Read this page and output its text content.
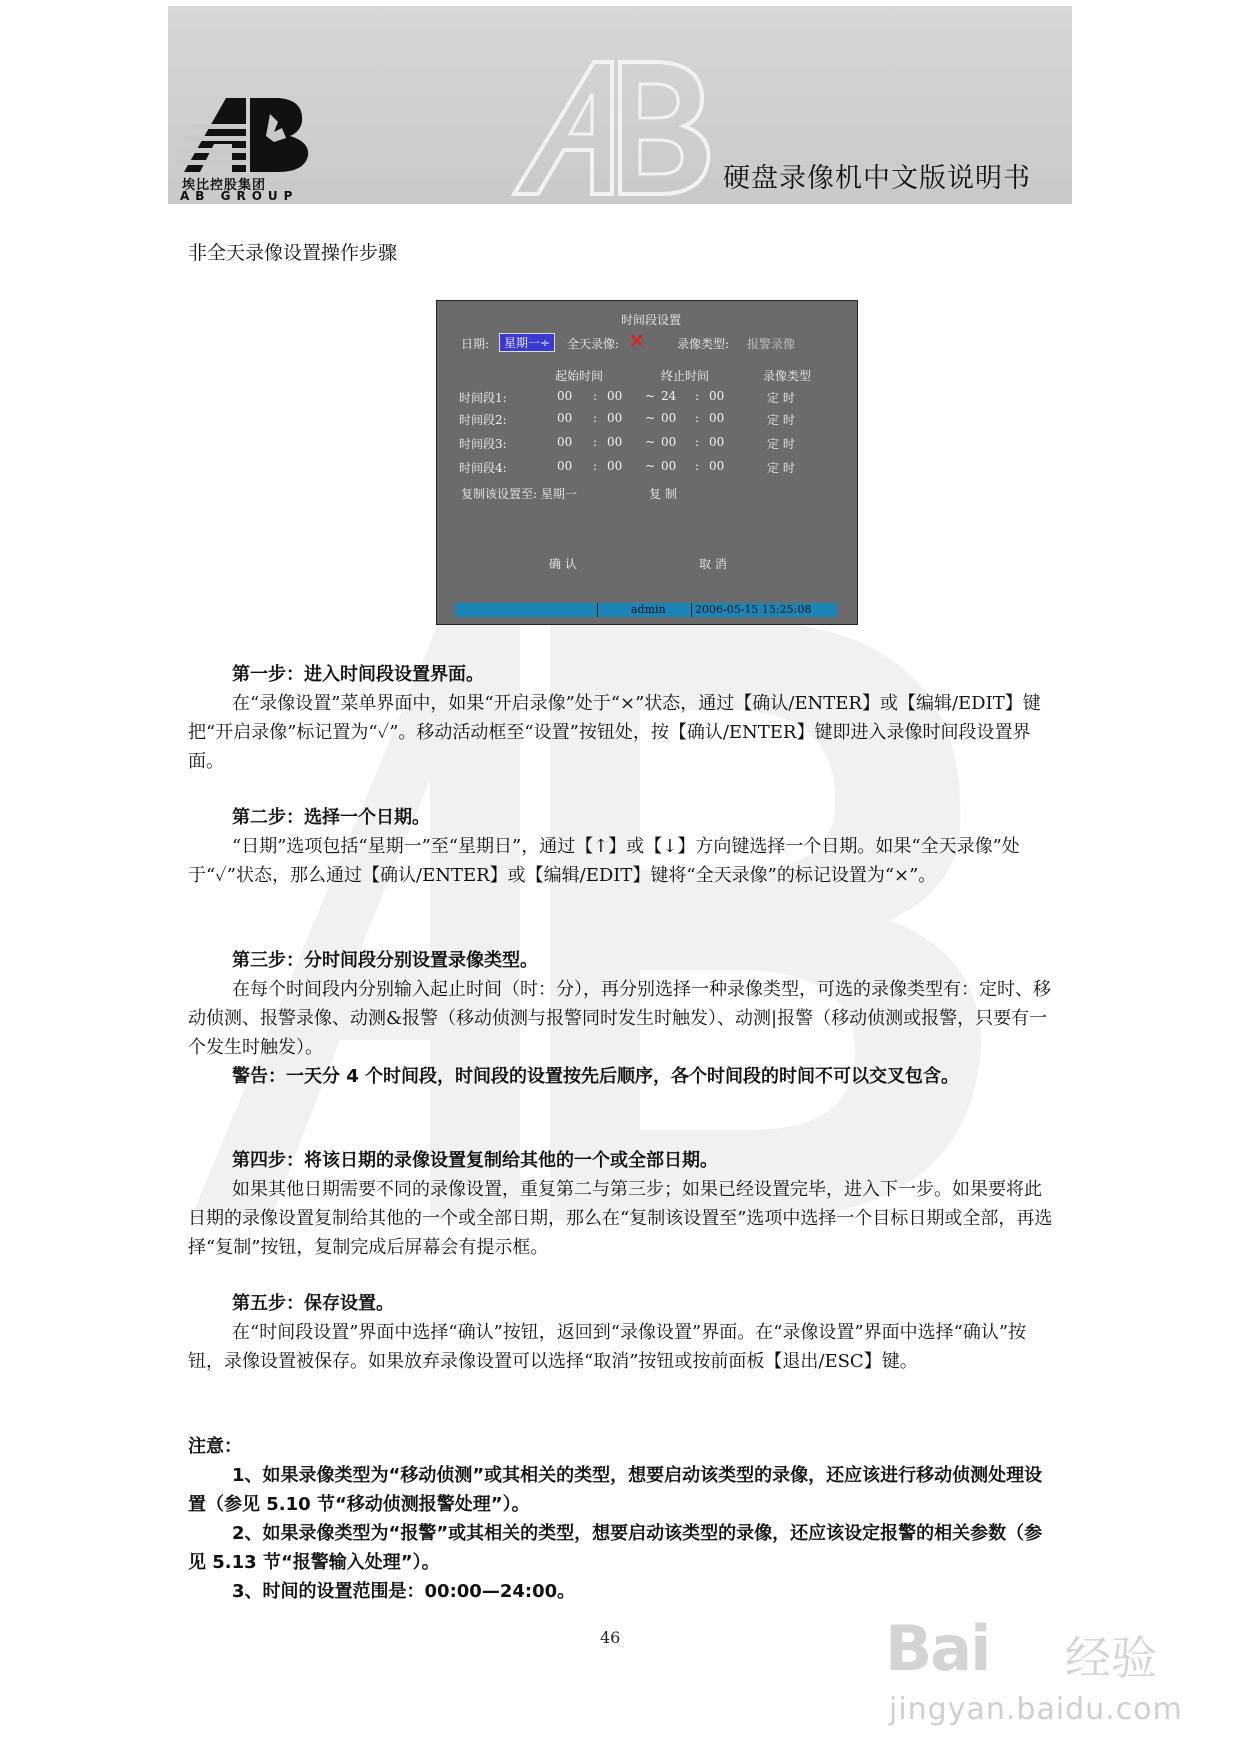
埃比控股集团
AB GROUP
硬盘录像机中文版说明书
非全天录像设置操作步骤
时间段设置
日期:	星期一÷	全天录像: ✕	录像类型: 报警录像
起始时间	终止时间	录像类型
时间段1:	00 : 00 ~ 24 : 00	定 时
时间段2:	00 : 00 ~ 00 : 00	定 时
时间段3:	00 : 00 ~ 00 : 00	定 时
时间段4:	00 : 00 ~ 00 : 00	定 时
复制该设置至: 星期一	复 制
确 认	取 消
admin	2006-05-15 15:25:08
第一步：进入时间段设置界面。
在“录像设置”菜单界面中，如果“开启录像”处于“×”状态，通过【确认/ENTER】或【编辑/EDIT】键把“开启录像”标记置为“✓”。移动活动框至“设置”按钮处，按【确认/ENTER】键即进入录像时间段设置界面。
第二步：选择一个日期。
“日期”选项包括“星期一”至“星期日”，通过【↑】或【↓】方向键选择一个日期。如果“全天录像”处于“✓”状态，那么通过【确认/ENTER】或【编辑/EDIT】键将“全天录像”的标记设置为“×”。
第三步：分时间段分别设置录像类型。
在每个时间段内分别输入起止时间（时：分），再分别选择一种录像类型，可选的录像类型有：定时、移动侦测、报警录像、动测&报警（移动侦测与报警同时发生时触发）、动测|报警（移动侦测或报警，只要有一个发生时触发）。
警告：一天分 4 个时间段，时间段的设置按先后顺序，各个时间段的时间不可以交叉包含。
第四步：将该日期的录像设置复制给其他的一个或全部日期。
如果其他日期需要不同的录像设置，重复第二与第三步；如果已经设置完毕，进入下一步。如果要将此日期的录像设置复制给其他的一个或全部日期，那么在“复制该设置至”选项中选择一个目标日期或全部，再选择“复制”按钮，复制完成后屏幕会有提示框。
第五步：保存设置。
在“时间段设置”界面中选择“确认”按钮，返回到“录像设置”界面。在“录像设置”界面中选择“确认”按钮，录像设置被保存。如果放弃录像设置可以选择“取消”按钮或按前面板【退出/ESC】键。
注意：
1、如果录像类型为“移动侦测”或其相关的类型，想要启动该类型的录像，还应该进行移动侦测处理设置（参见 5.10 节“移动侦测报警处理”）。
2、如果录像类型为“报警”或其相关的类型，想要启动该类型的录像，还应该设定报警的相关参数（参见 5.13 节“报警输入处理”）。
3、时间的设置范围是：00:00—24:00。
46	Bai 经验
jingyan.baidu.com
